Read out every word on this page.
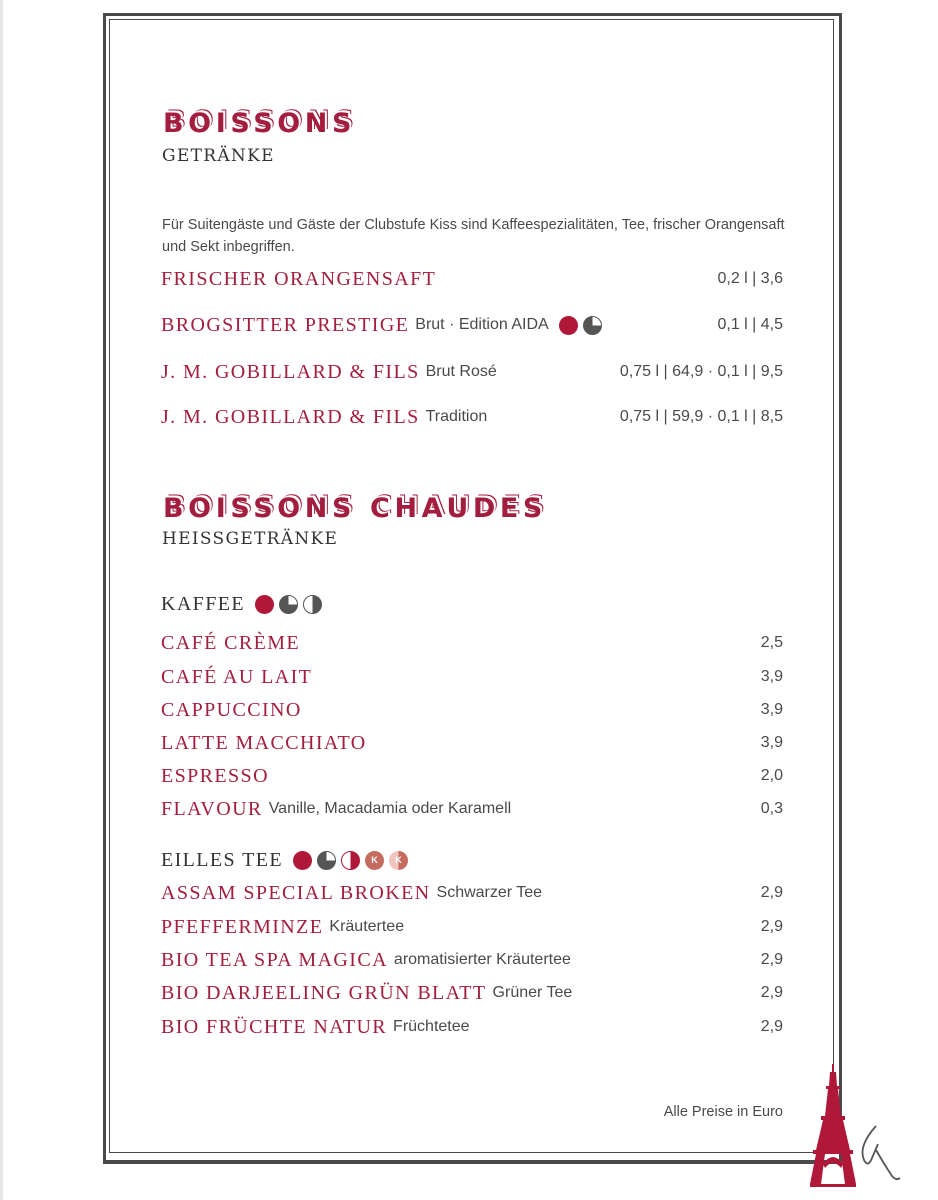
BOISSONS
GETRÄNKE

Für Suitengäste und Gäste der Clubstufe Kiss sind Kaffeespezialitäten, Tee, frischer Orangensaft und Sekt inbegriffen.

FRISCHER ORANGENSAFT	0,2 l | 3,6
BROGSITTER PRESTIGE Brut · Edition AIDA	0,1 l | 4,5
J. M. GOBILLARD & FILS Brut Rosé	0,75 l | 64,9 · 0,1 l | 9,5
J. M. GOBILLARD & FILS Tradition	0,75 l | 59,9 · 0,1 l | 8,5
BOISSONS CHAUDES
HEISSGETRÄNKE
KAFFEE
CAFÉ CRÈME	2,5
CAFÉ AU LAIT	3,9
CAPPUCCINO	3,9
LATTE MACCHIATO	3,9
ESPRESSO	2,0
FLAVOUR Vanille, Macadamia oder Karamell	0,3
EILLES TEE	K	K
ASSAM SPECIAL BROKEN Schwarzer Tee	2,9
PFEFFERMINZE Kräutertee	2,9
BIO TEA SPA MAGICA aromatisierter Kräutertee	2,9
BIO DARJEELING GRÜN BLATT Grüner Tee	2,9
BIO FRÜCHTE NATUR Früchtetee	2,9
Alle Preise in Euro
